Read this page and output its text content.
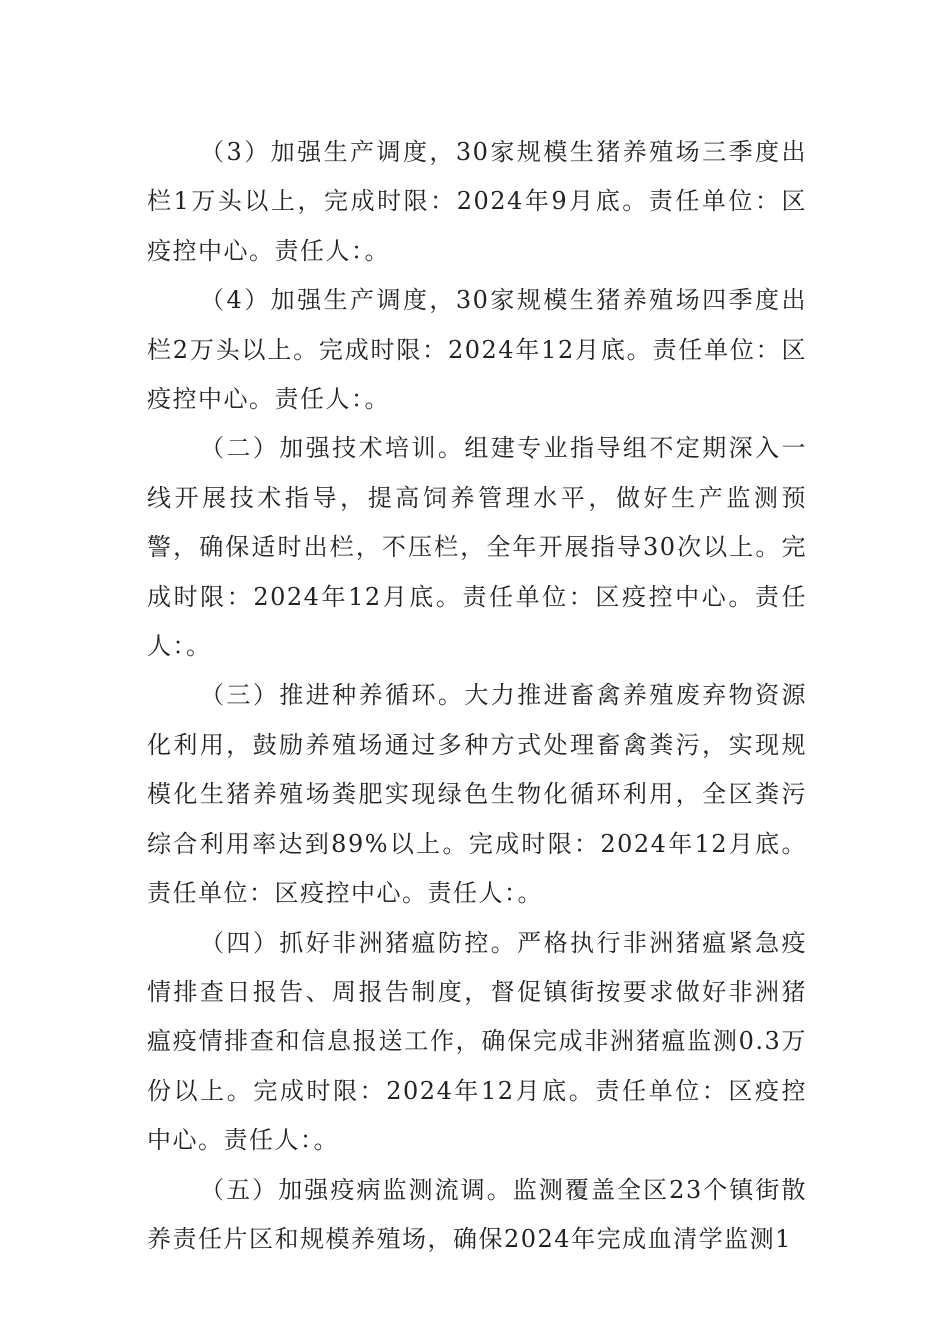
（3）加强生产调度，30家规模生猪养殖场三季度出栏1万头以上，完成时限：2024年9月底。责任单位：区疫控中心。责任人：。

（4）加强生产调度，30家规模生猪养殖场四季度出栏2万头以上。完成时限：2024年12月底。责任单位：区疫控中心。责任人：。

（二）加强技术培训。组建专业指导组不定期深入一线开展技术指导，提高饲养管理水平，做好生产监测预警，确保适时出栏，不压栏，全年开展指导30次以上。完成时限：2024年12月底。责任单位：区疫控中心。责任人：。

（三）推进种养循环。大力推进畜禽养殖废弃物资源化利用，鼓励养殖场通过多种方式处理畜禽粪污，实现规模化生猪养殖场粪肥实现绿色生物化循环利用，全区粪污综合利用率达到89%以上。完成时限：2024年12月底。责任单位：区疫控中心。责任人：。

（四）抓好非洲猪瘟防控。严格执行非洲猪瘟紧急疫情排查日报告、周报告制度，督促镇街按要求做好非洲猪瘟疫情排查和信息报送工作，确保完成非洲猪瘟监测0.3万份以上。完成时限：2024年12月底。责任单位：区疫控中心。责任人：。

（五）加强疫病监测流调。监测覆盖全区23个镇街散养责任片区和规模养殖场，确保2024年完成血清学监测1
